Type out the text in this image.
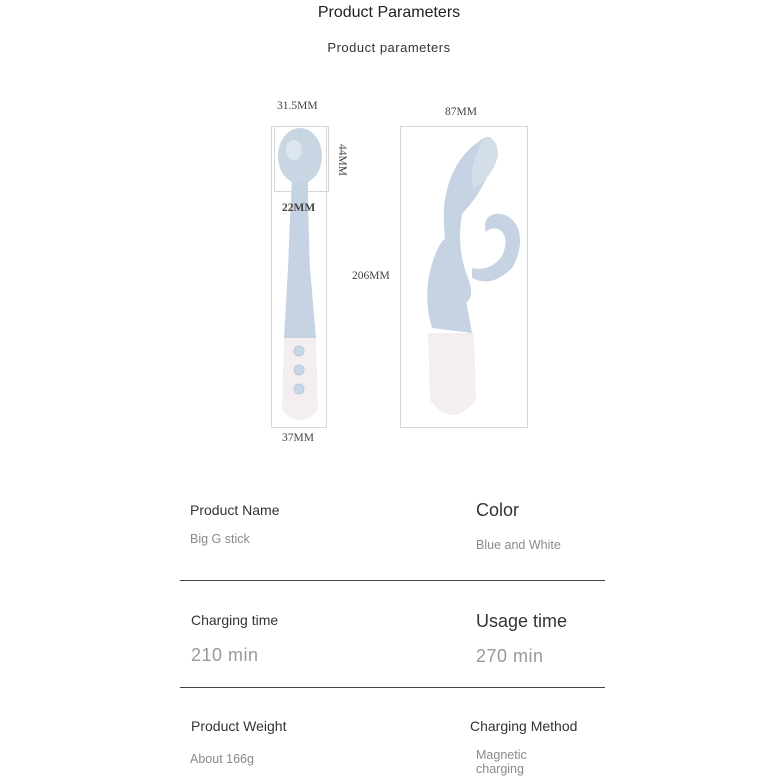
Product Parameters
Product parameters
31.5MM
44MM
22MM
37MM
87MM
206MM
Product Name
Big G stick
Color
Blue and White
Charging time
210 min
Usage time
270 min
Product Weight
About 166g
Charging Method
Magnetic
charging
